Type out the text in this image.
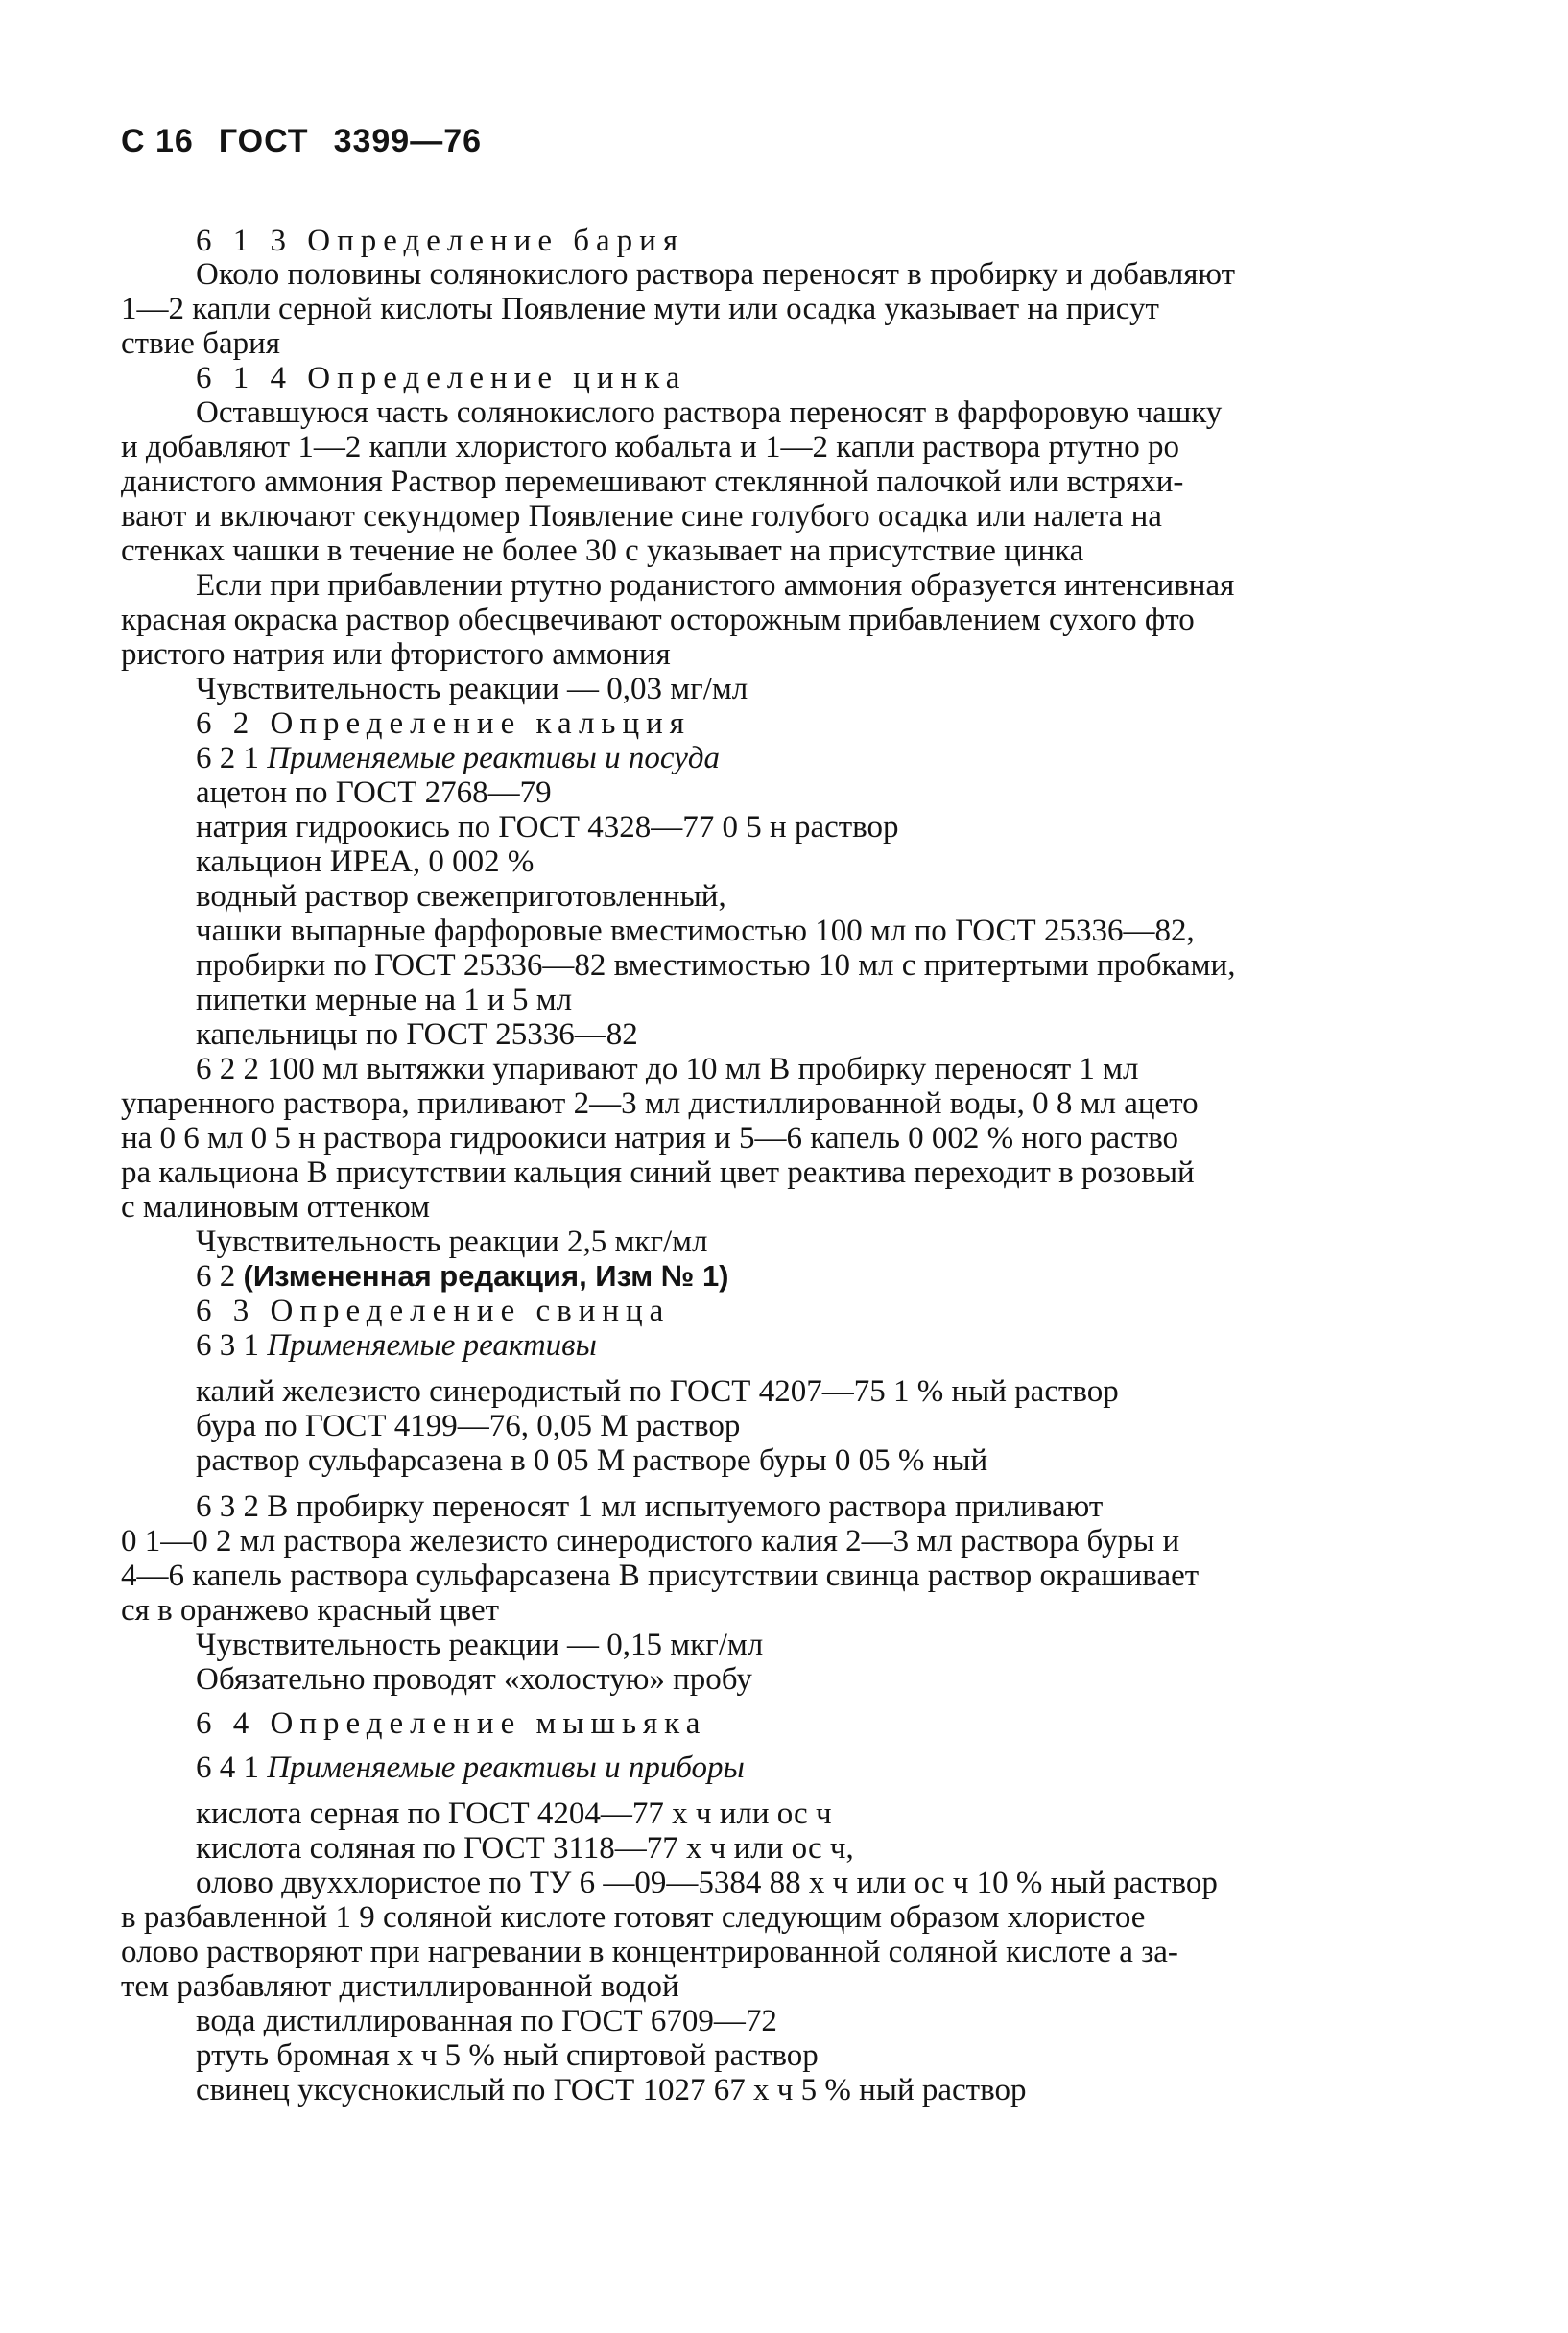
С 16 ГОСТ 3399—76
6 1 3 Определение бария
Около половины солянокислого раствора переносят в пробирку и добавляют
1—2 капли серной кислоты Появление мути или осадка указывает на присут
ствие бария
6 1 4 Определение цинка
Оставшуюся часть солянокислого раствора переносят в фарфоровую чашку
и добавляют 1—2 капли хлористого кобальта и 1—2 капли раствора ртутно ро
данистого аммония Раствор перемешивают стеклянной палочкой или встряхи-
вают и включают секундомер Появление сине голубого осадка или налета на
стенках чашки в течение не более 30 с указывает на присутствие цинка
Если при прибавлении ртутно роданистого аммония образуется интенсивная
красная окраска раствор обесцвечивают осторожным прибавлением сухого фто
ристого натрия или фтористого аммония
Чувствительность реакции — 0,03 мг/мл
6 2 Определение кальция
6 2 1 Применяемые реактивы и посуда
ацетон по ГОСТ 2768—79
натрия гидроокись по ГОСТ 4328—77 0 5 н раствор
кальцион ИРЕА, 0 002 %
водный раствор свежеприготовленный,
чашки выпарные фарфоровые вместимостью 100 мл по ГОСТ 25336—82,
пробирки по ГОСТ 25336—82 вместимостью 10 мл с притертыми пробками,
пипетки мерные на 1 и 5 мл
капельницы по ГОСТ 25336—82
6 2 2 100 мл вытяжки упаривают до 10 мл В пробирку переносят 1 мл
упаренного раствора, приливают 2—3 мл дистиллированной воды, 0 8 мл ацето
на 0 6 мл 0 5 н раствора гидроокиси натрия и 5—6 капель 0 002 % ного раство
ра кальциона В присутствии кальция синий цвет реактива переходит в розовый
с малиновым оттенком
Чувствительность реакции 2,5 мкг/мл
6 2 (Измененная редакция, Изм № 1)
6 3 Определение свинца
6 3 1 Применяемые реактивы
калий железисто синеродистый по ГОСТ 4207—75 1 % ный раствор
бура по ГОСТ 4199—76, 0,05 М раствор
раствор сульфарсазена в 0 05 М растворе буры 0 05 % ный
6 3 2 В пробирку переносят 1 мл испытуемого раствора приливают
0 1—0 2 мл раствора железисто синеродистого калия 2—3 мл раствора буры и
4—6 капель раствора сульфарсазена В присутствии свинца раствор окрашивает
ся в оранжево красный цвет
Чувствительность реакции — 0,15 мкг/мл
Обязательно проводят «холостую» пробу
6 4 Определение мышьяка
6 4 1 Применяемые реактивы и приборы
кислота серная по ГОСТ 4204—77 х ч или ос ч
кислота соляная по ГОСТ 3118—77 х ч или ос ч,
олово двуххлористое по ТУ 6 —09—5384 88 х ч или ос ч 10 % ный раствор
в разбавленной 1 9 соляной кислоте готовят следующим образом хлористое
олово растворяют при нагревании в концентрированной соляной кислоте а за-
тем разбавляют дистиллированной водой
вода дистиллированная по ГОСТ 6709—72
ртуть бромная х ч 5 % ный спиртовой раствор
свинец уксуснокислый по ГОСТ 1027 67 х ч 5 % ный раствор
